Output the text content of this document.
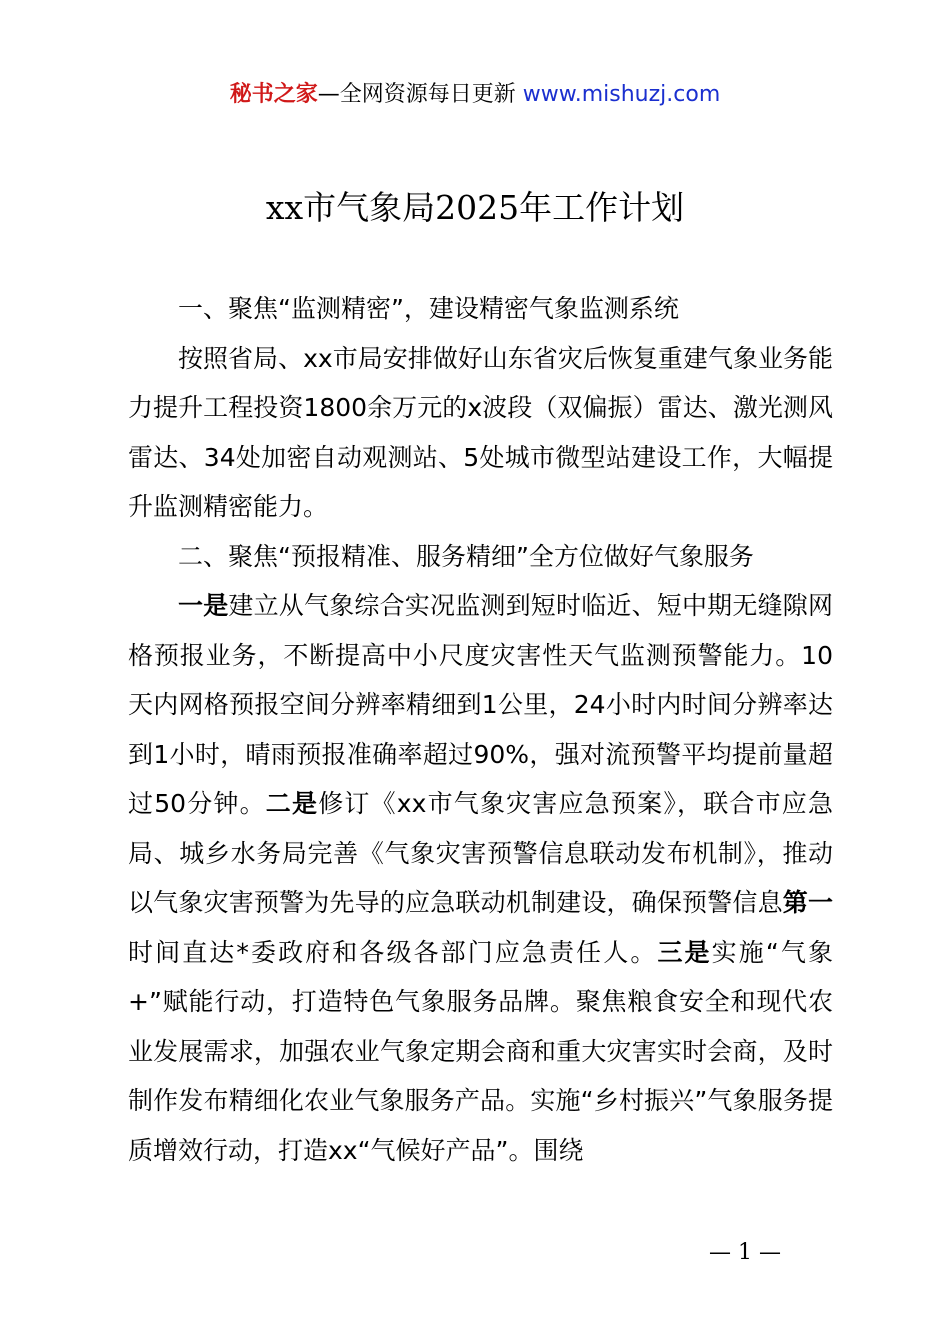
秘书之家—全网资源每日更新 www.mishuzj.com
xx市气象局2025年工作计划

一、聚焦“监测精密”，建设精密气象监测系统

按照省局、xx市局安排做好山东省灾后恢复重建气象业务能力提升工程投资1800余万元的x波段（双偏振）雷达、激光测风雷达、34处加密自动观测站、5处城市微型站建设工作，大幅提升监测精密能力。

二、聚焦“预报精准、服务精细”全方位做好气象服务

一是建立从气象综合实况监测到短时临近、短中期无缝隙网格预报业务，不断提高中小尺度灾害性天气监测预警能力。10天内网格预报空间分辨率精细到1公里，24小时内时间分辨率达到1小时，晴雨预报准确率超过90%，强对流预警平均提前量超过50分钟。二是修订《xx市气象灾害应急预案》，联合市应急局、城乡水务局完善《气象灾害预警信息联动发布机制》，推动以气象灾害预警为先导的应急联动机制建设，确保预警信息第一时间直达*委政府和各级各部门应急责任人。三是实施“气象+”赋能行动，打造特色气象服务品牌。聚焦粮食安全和现代农业发展需求，加强农业气象定期会商和重大灾害实时会商，及时制作发布精细化农业气象服务产品。实施“乡村振兴”气象服务提质增效行动，打造xx“气候好产品”。围绕

— 1 —
